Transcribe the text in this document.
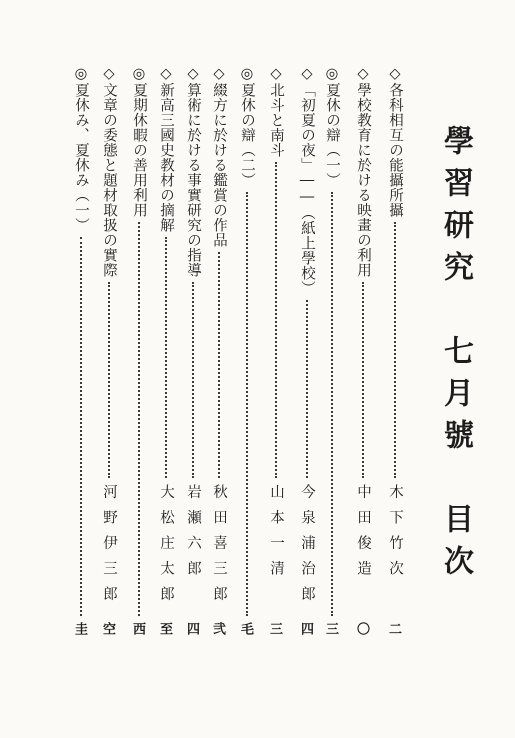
學習研究　七月號　目次
◇各科相互の能攝所攝
木下竹次
二
◇學校教育に於ける映畫の利用
中田俊造
〇
◎夏休の辯（一）
三
◇「初夏の夜」――（紙上學校）
今泉浦治郎
四
◇北斗と南斗
山本一清
三
◎夏休の辯（二）
毛
◇綴方に於ける鑑賞の作品
秋田喜三郎
弐
◇算術に於ける事實研究の指導
岩瀬六郎
四
◇新高三國史教材の摘解
大松庄太郎
至
◎夏期休暇の善用利用
西
◇文章の委態と題材取扱の實際
河野伊三郎
空
◎夏休み、夏休み（一）
圭
